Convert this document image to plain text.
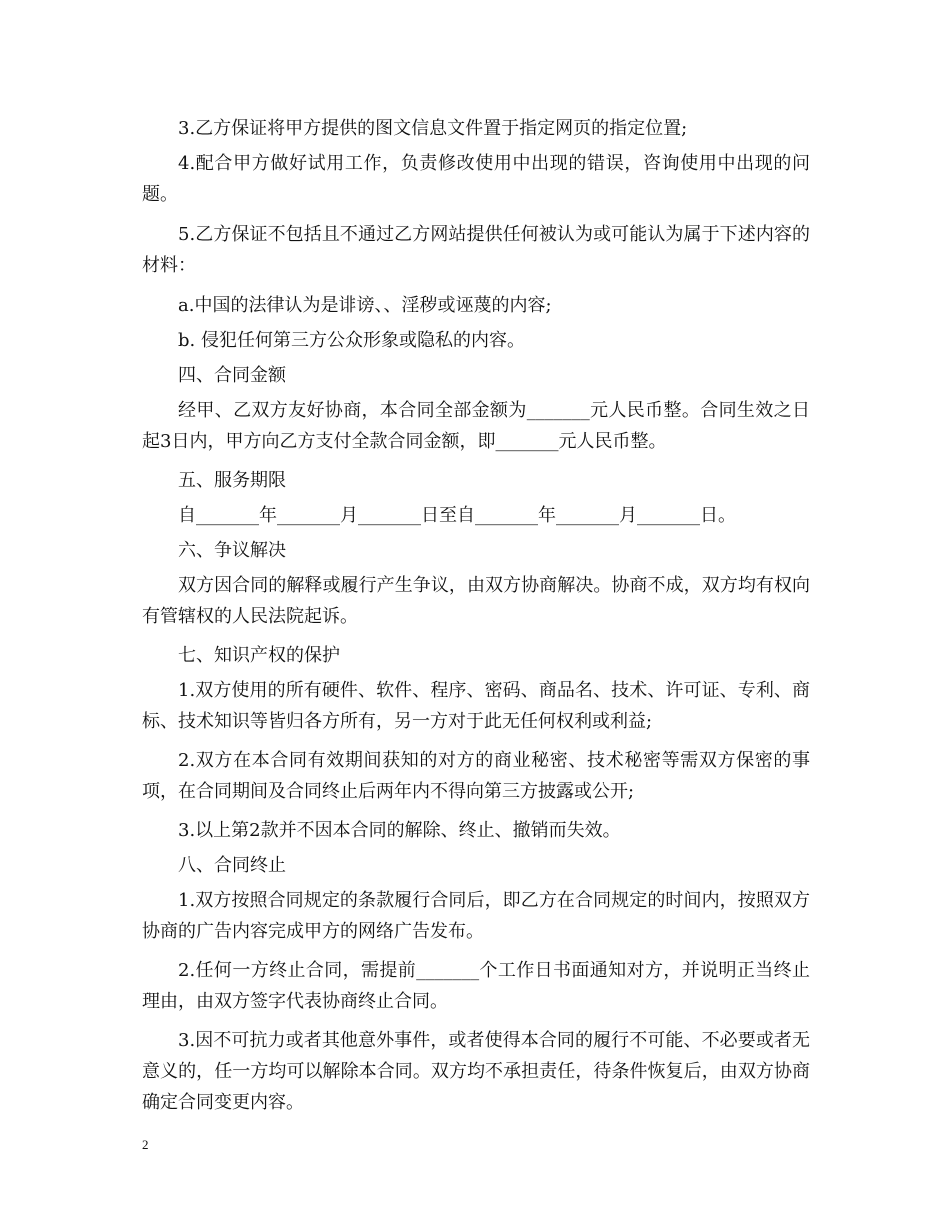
3.乙方保证将甲方提供的图文信息文件置于指定网页的指定位置;

4.配合甲方做好试用工作，负责修改使用中出现的错误，咨询使用中出现的问题。

5.乙方保证不包括且不通过乙方网站提供任何被认为或可能认为属于下述内容的材料：

a.中国的法律认为是诽谤、、淫秽或诬蔑的内容;

b. 侵犯任何第三方公众形象或隐私的内容。

四、合同金额

经甲、乙双方友好协商，本合同全部金额为_______元人民币整。合同生效之日起3日内，甲方向乙方支付全款合同金额，即_______元人民币整。

五、服务期限

自_______年_______月_______日至自_______年_______月_______日。

六、争议解决

双方因合同的解释或履行产生争议，由双方协商解决。协商不成，双方均有权向有管辖权的人民法院起诉。

七、知识产权的保护

1.双方使用的所有硬件、软件、程序、密码、商品名、技术、许可证、专利、商标、技术知识等皆归各方所有，另一方对于此无任何权利或利益;

2.双方在本合同有效期间获知的对方的商业秘密、技术秘密等需双方保密的事项，在合同期间及合同终止后两年内不得向第三方披露或公开;

3.以上第2款并不因本合同的解除、终止、撤销而失效。

八、合同终止

1.双方按照合同规定的条款履行合同后，即乙方在合同规定的时间内，按照双方协商的广告内容完成甲方的网络广告发布。

2.任何一方终止合同，需提前_______个工作日书面通知对方，并说明正当终止理由，由双方签字代表协商终止合同。

3.因不可抗力或者其他意外事件，或者使得本合同的履行不可能、不必要或者无意义的，任一方均可以解除本合同。双方均不承担责任，待条件恢复后，由双方协商确定合同变更内容。

2
